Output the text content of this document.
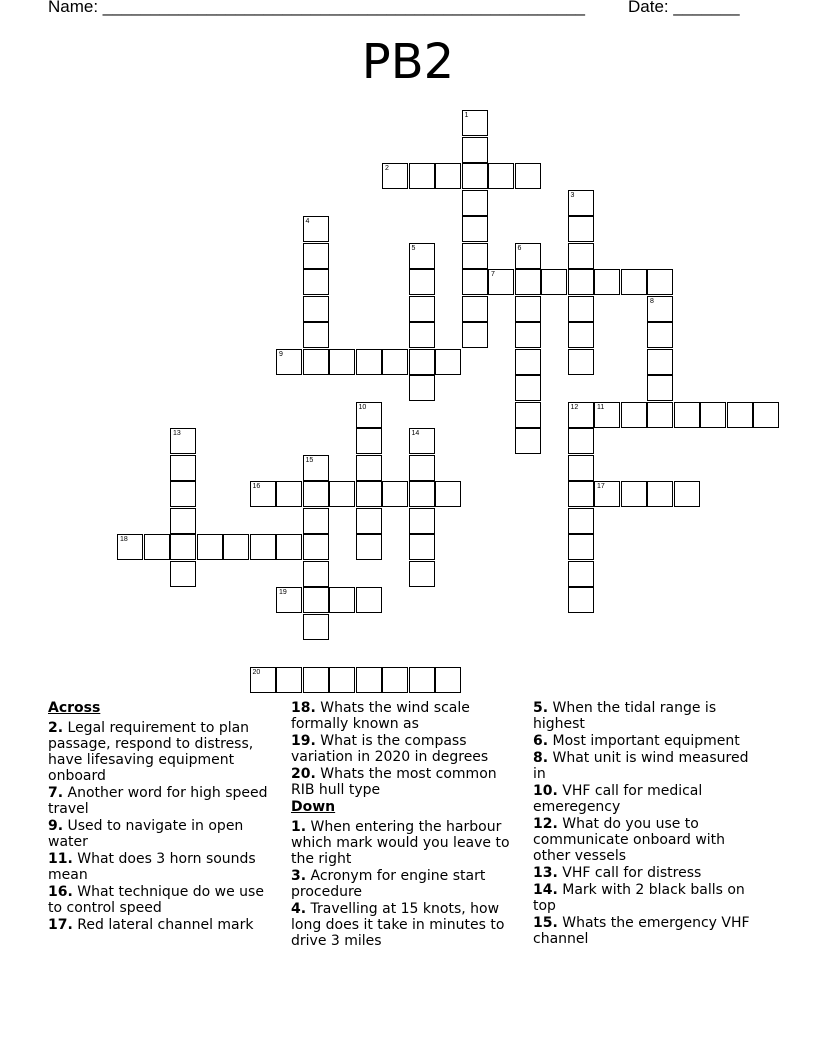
Name: ___________________________________________________	Date: _______
PB2
2
7
9
11
16	17
18
19
20
1
3
4
5	6
8
10	12
13	14
15
Across
2. Legal requirement to plan passage, respond to distress, have lifesaving equipment onboard
7. Another word for high speed travel
9. Used to navigate in open water
11. What does 3 horn sounds mean
16. What technique do we use to control speed
17. Red lateral channel mark
18. Whats the wind scale formally known as
19. What is the compass variation in 2020 in degrees
20. Whats the most common RIB hull type
Down
1. When entering the harbour which mark would you leave to the right
3. Acronym for engine start procedure
4. Travelling at 15 knots, how long does it take in minutes to drive 3 miles
5. When the tidal range is highest
6. Most important equipment
8. What unit is wind measured in
10. VHF call for medical emeregency
12. What do you use to communicate onboard with other vessels
13. VHF call for distress
14. Mark with 2 black balls on top
15. Whats the emergency VHF channel
